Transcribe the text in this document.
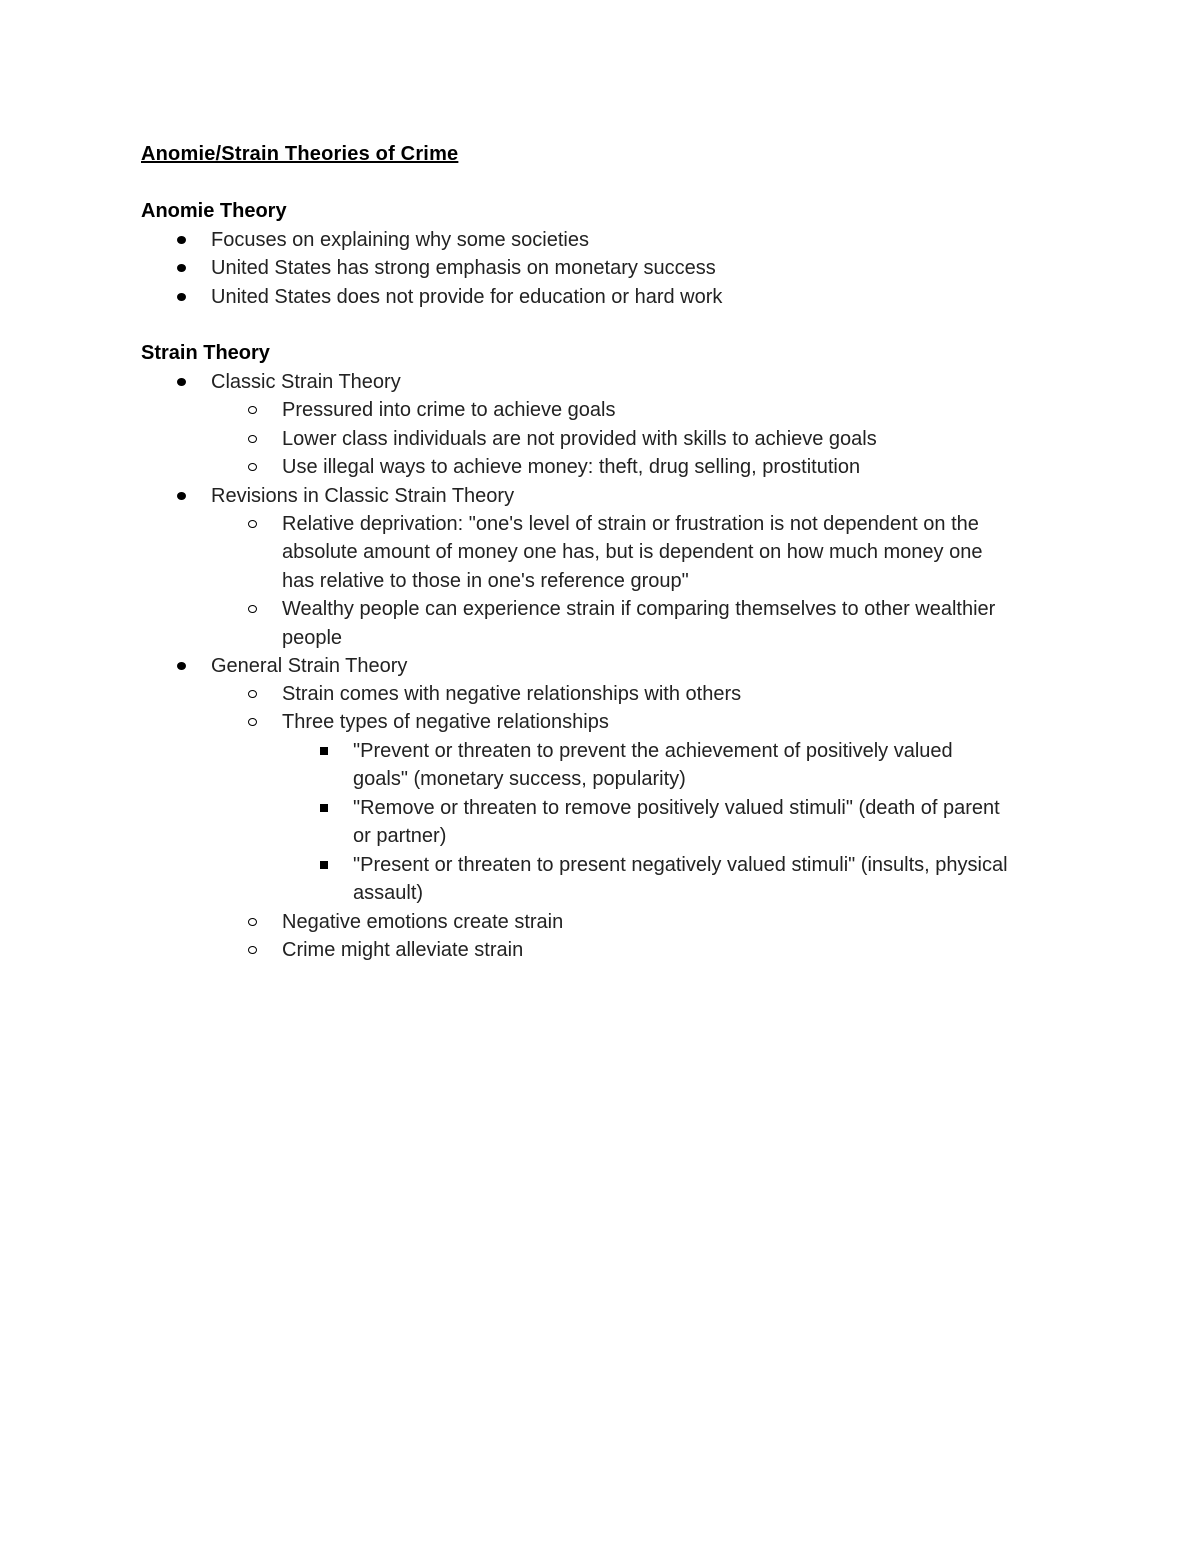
Anomie/Strain Theories of Crime
Anomie Theory
Focuses on explaining why some societies
United States has strong emphasis on monetary success
United States does not provide for education or hard work
Strain Theory
Classic Strain Theory
Pressured into crime to achieve goals
Lower class individuals are not provided with skills to achieve goals
Use illegal ways to achieve money: theft, drug selling, prostitution
Revisions in Classic Strain Theory
Relative deprivation: "one's level of strain or frustration is not dependent on the
absolute amount of money one has, but is dependent on how much money one
has relative to those in one's reference group"
Wealthy people can experience strain if comparing themselves to other wealthier
people
General Strain Theory
Strain comes with negative relationships with others
Three types of negative relationships
"Prevent or threaten to prevent the achievement of positively valued
goals" (monetary success, popularity)
"Remove or threaten to remove positively valued stimuli" (death of parent
or partner)
"Present or threaten to present negatively valued stimuli" (insults, physical
assault)
Negative emotions create strain
Crime might alleviate strain
